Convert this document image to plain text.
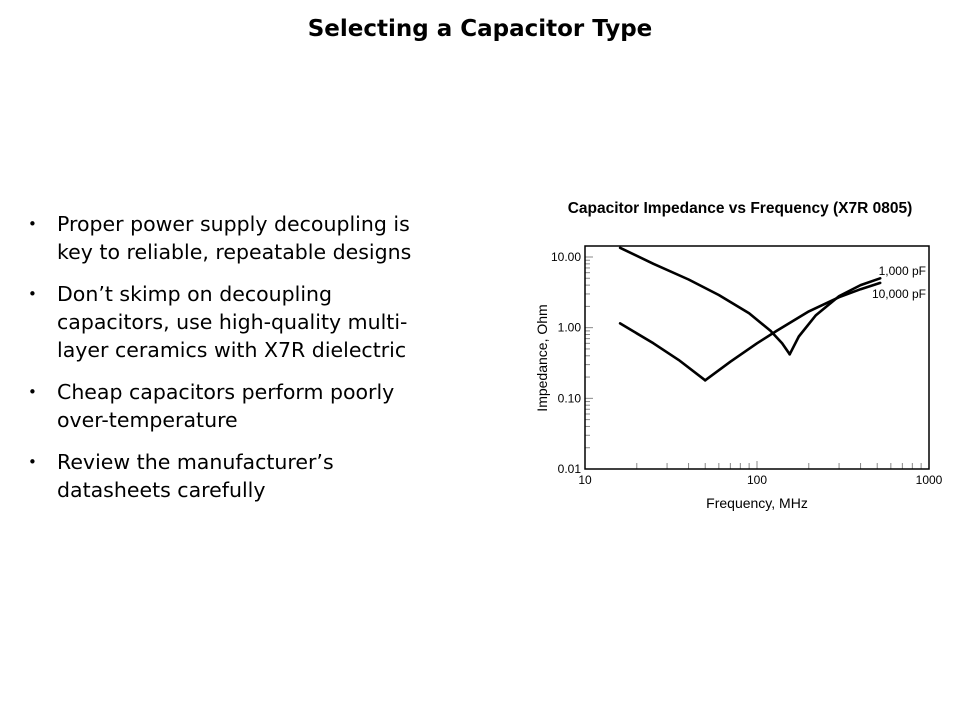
Selecting a Capacitor Type
• Proper power supply decoupling is
key to reliable, repeatable designs
• Don’t skimp on decoupling
capacitors, use high-quality multi-
layer ceramics with X7R dielectric
• Cheap capacitors perform poorly
over-temperature
• Review the manufacturer’s
datasheets carefully
Capacitor Impedance vs Frequency (X7R 0805)
10	100	1000
0.01
0.10
1.00
10.00
Frequency, MHz
Impedance, Ohm
1,000 pF
10,000 pF
